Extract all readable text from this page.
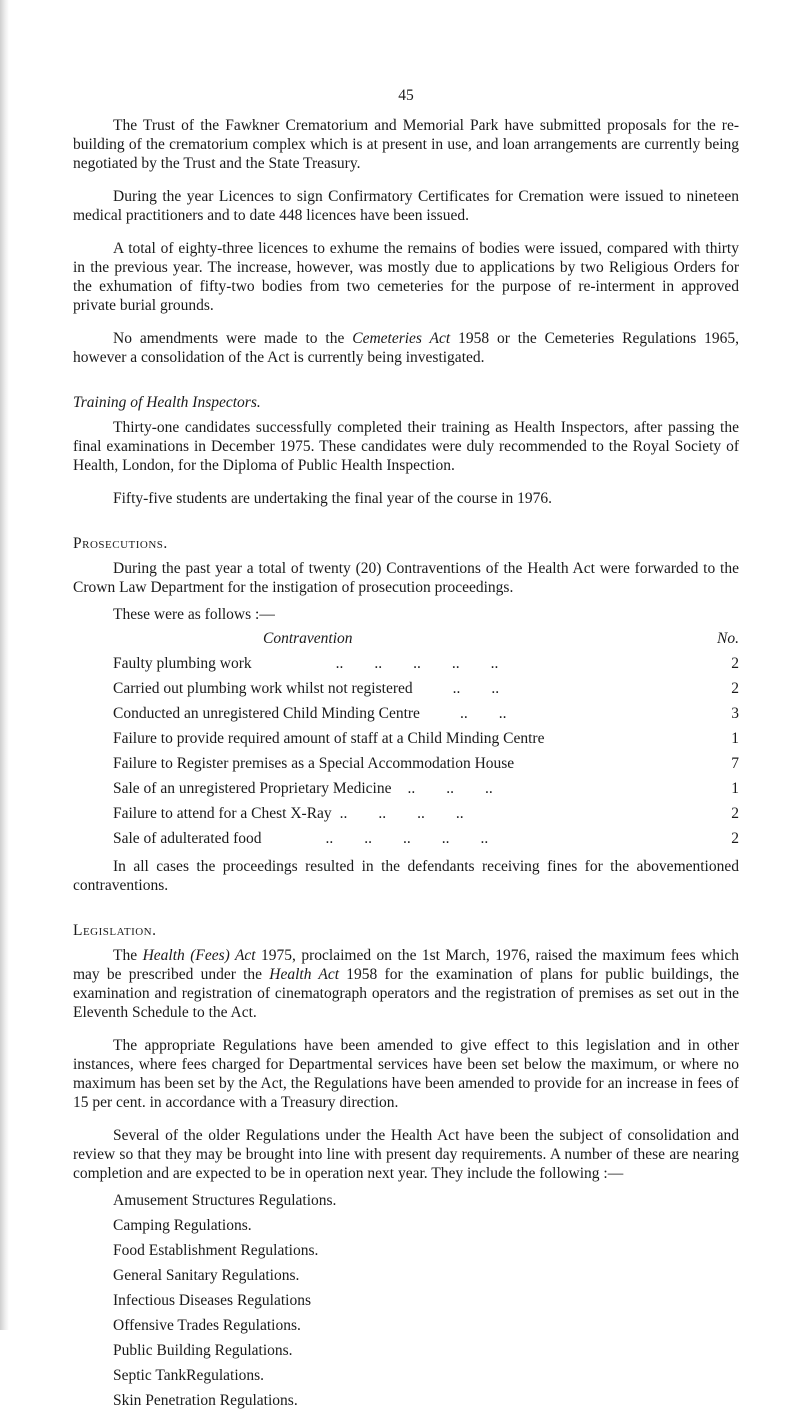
45

The Trust of the Fawkner Crematorium and Memorial Park have submitted proposals for the re-building of the crematorium complex which is at present in use, and loan arrangements are currently being negotiated by the Trust and the State Treasury.

During the year Licences to sign Confirmatory Certificates for Cremation were issued to nineteen medical practitioners and to date 448 licences have been issued.

A total of eighty-three licences to exhume the remains of bodies were issued, compared with thirty in the previous year. The increase, however, was mostly due to applications by two Religious Orders for the exhumation of fifty-two bodies from two cemeteries for the purpose of re-interment in approved private burial grounds.

No amendments were made to the Cemeteries Act 1958 or the Cemeteries Regulations 1965, however a consolidation of the Act is currently being investigated.

Training of Health Inspectors.

Thirty-one candidates successfully completed their training as Health Inspectors, after passing the final examinations in December 1975. These candidates were duly recommended to the Royal Society of Health, London, for the Diploma of Public Health Inspection.

Fifty-five students are undertaking the final year of the course in 1976.

Prosecutions.

During the past year a total of twenty (20) Contraventions of the Health Act were forwarded to the Crown Law Department for the instigation of prosecution proceedings.

These were as follows :—
Contravention	No.
Faulty plumbing work	..        ..        ..        ..        ..	2
Carried out plumbing work whilst not registered	..        ..	2
Conducted an unregistered Child Minding Centre	..        ..	3
Failure to provide required amount of staff at a Child Minding Centre	1
Failure to Register premises as a Special Accommodation House	7
Sale of an unregistered Proprietary Medicine	..        ..        ..	1
Failure to attend for a Chest X-Ray ..        ..        ..        ..	2
Sale of adulterated food	..        ..        ..        ..        ..	2

In all cases the proceedings resulted in the defendants receiving fines for the abovementioned contraventions.

Legislation.

The Health (Fees) Act 1975, proclaimed on the 1st March, 1976, raised the maximum fees which may be prescribed under the Health Act 1958 for the examination of plans for public buildings, the examination and registration of cinematograph operators and the registration of premises as set out in the Eleventh Schedule to the Act.

The appropriate Regulations have been amended to give effect to this legislation and in other instances, where fees charged for Departmental services have been set below the maximum, or where no maximum has been set by the Act, the Regulations have been amended to provide for an increase in fees of 15 per cent. in accordance with a Treasury direction.

Several of the older Regulations under the Health Act have been the subject of consolidation and review so that they may be brought into line with present day requirements. A number of these are nearing completion and are expected to be in operation next year. They include the following :—

Amusement Structures Regulations.
Camping Regulations.
Food Establishment Regulations.
General Sanitary Regulations.
Infectious Diseases Regulations
Offensive Trades Regulations.
Public Building Regulations.
Septic TankRegulations.
Skin Penetration Regulations.
